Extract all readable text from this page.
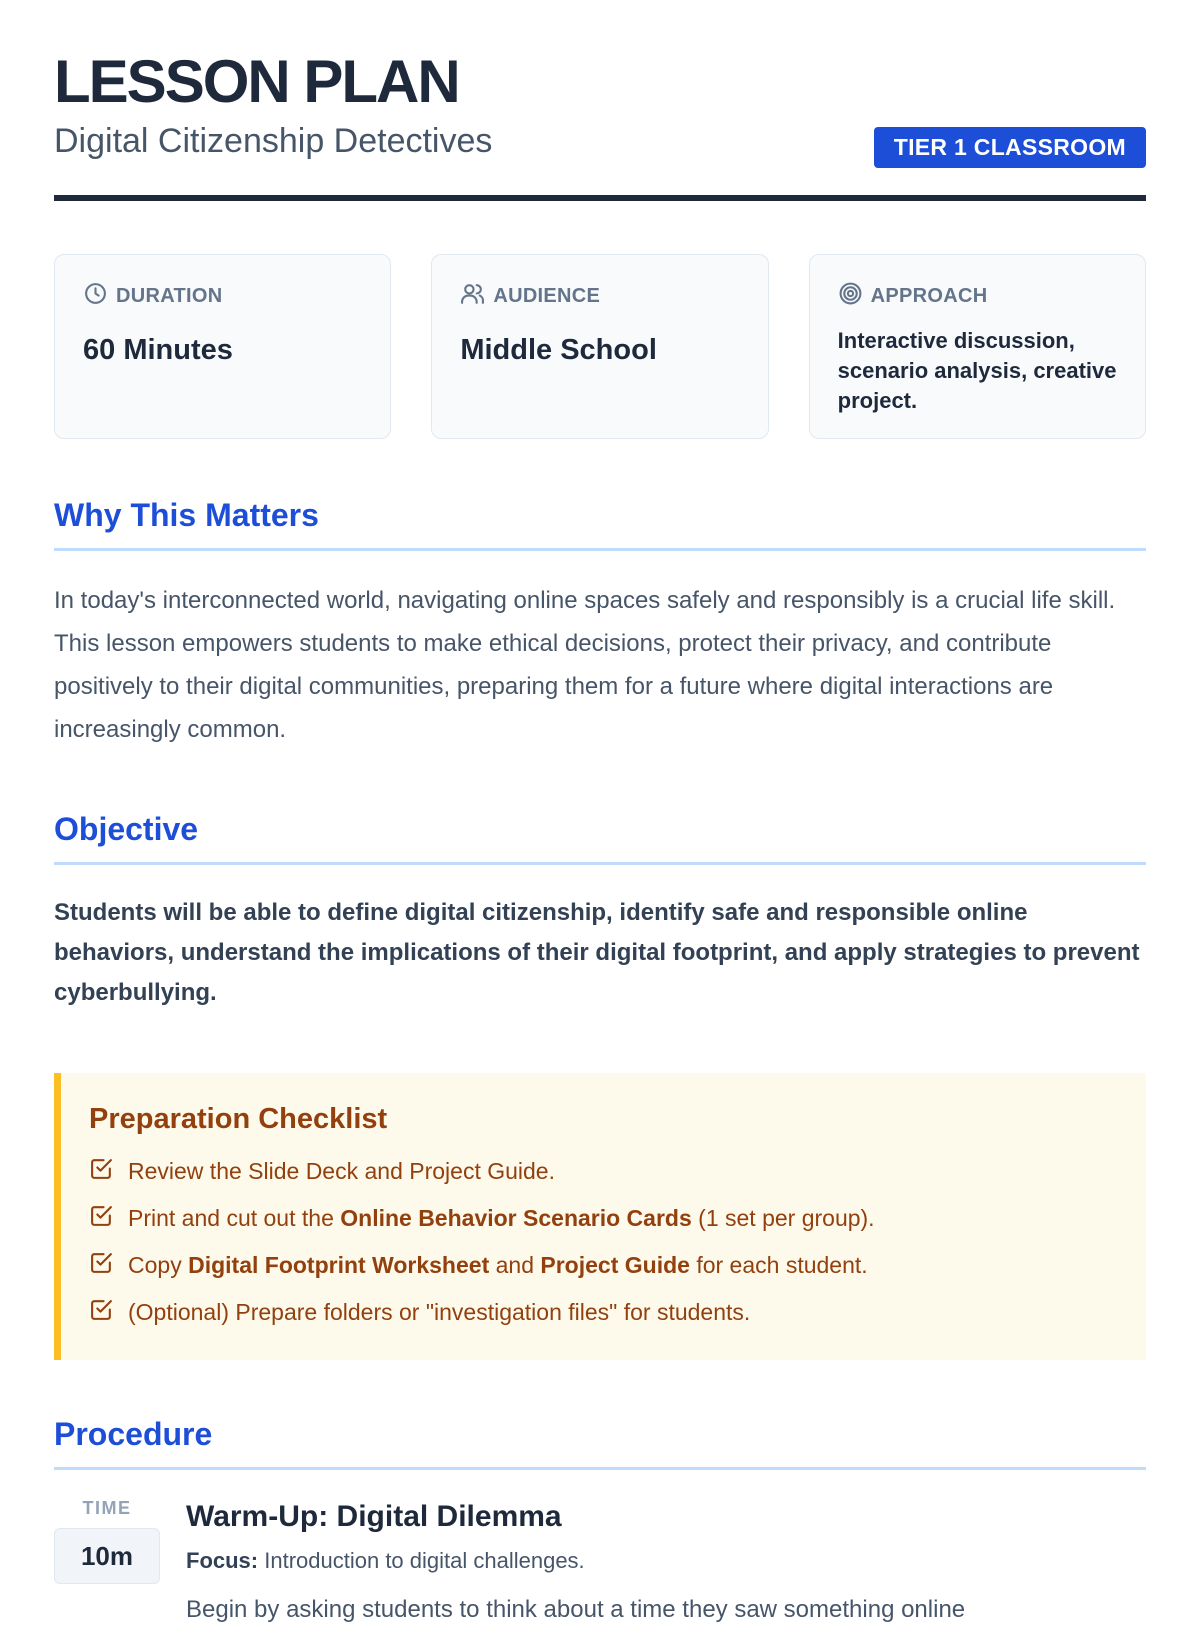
LESSON PLAN
Digital Citizenship Detectives	TIER 1 CLASSROOM
DURATION
60 Minutes
AUDIENCE
Middle School
APPROACH
Interactive discussion, scenario analysis, creative project.
Why This Matters

In today's interconnected world, navigating online spaces safely and responsibly is a crucial life skill. This lesson empowers students to make ethical decisions, protect their privacy, and contribute positively to their digital communities, preparing them for a future where digital interactions are increasingly common.

Objective

Students will be able to define digital citizenship, identify safe and responsible online behaviors, understand the implications of their digital footprint, and apply strategies to prevent cyberbullying.

Preparation Checklist
Review the Slide Deck and Project Guide.
Print and cut out the Online Behavior Scenario Cards (1 set per group).
Copy Digital Footprint Worksheet and Project Guide for each student.
(Optional) Prepare folders or "investigation files" for students.
Procedure
TIME
10m
Warm-Up: Digital Dilemma
Focus: Introduction to digital challenges.
Begin by asking students to think about a time they saw something online
